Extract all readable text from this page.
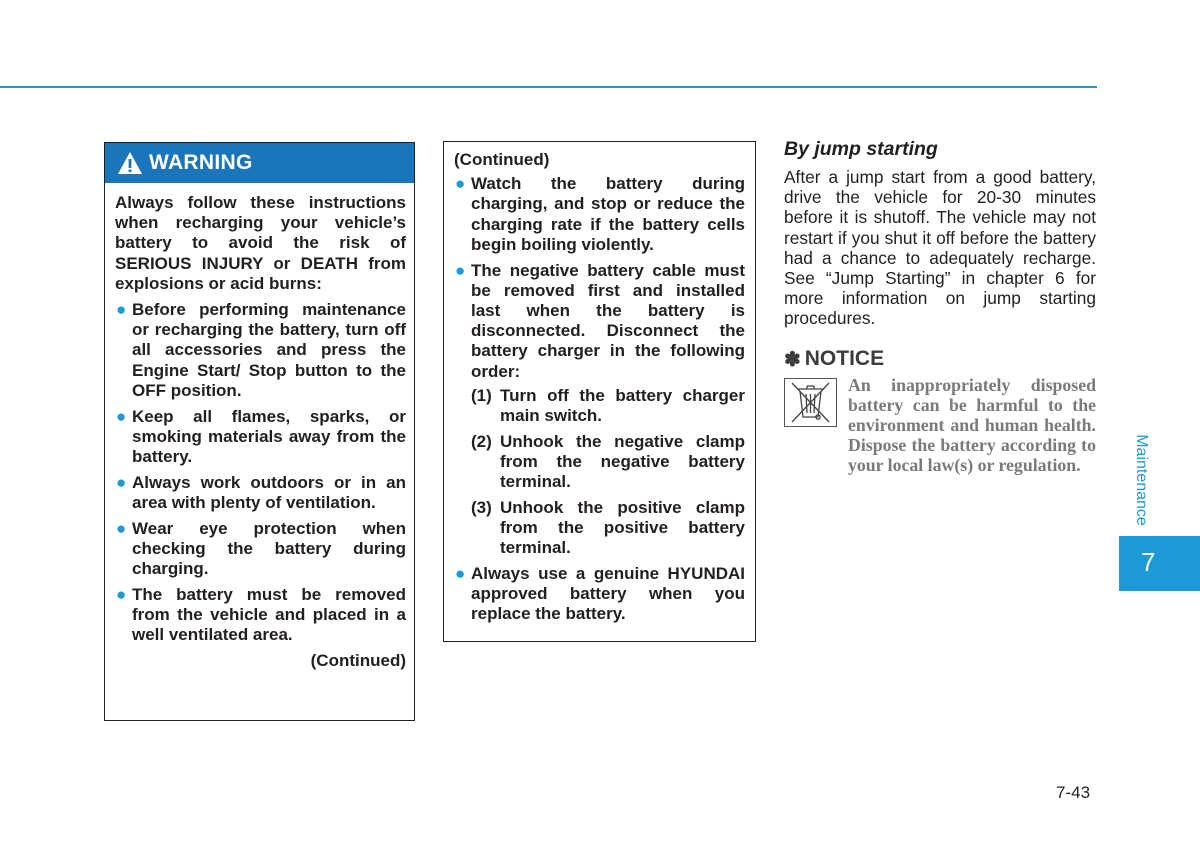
WARNING

Always follow these instructions when recharging your vehicle’s battery to avoid the risk of SERIOUS INJURY or DEATH from explosions or acid burns:

● Before performing maintenance or recharging the battery, turn off all accessories and press the Engine Start/ Stop button to the OFF position.
● Keep all flames, sparks, or smoking materials away from the battery.
● Always work outdoors or in an area with plenty of ventilation.
● Wear eye protection when checking the battery during charging.
● The battery must be removed from the vehicle and placed in a well ventilated area.
(Continued)

(Continued)

● Watch the battery during charging, and stop or reduce the charging rate if the battery cells begin boiling violently.
● The negative battery cable must be removed first and installed last when the battery is disconnected. Disconnect the battery charger in the following order:
(1) Turn off the battery charger main switch.
(2) Unhook the negative clamp from the negative battery terminal.
(3) Unhook the positive clamp from the positive battery terminal.
● Always use a genuine HYUNDAI approved battery when you replace the battery.

By jump starting

After a jump start from a good battery, drive the vehicle for 20-30 minutes before it is shutoff. The vehicle may not restart if you shut it off before the battery had a chance to adequately recharge. See “Jump Starting” in chapter 6 for more information on jump starting procedures.

✽ NOTICE
An inappropriately disposed battery can be harmful to the environment and human health. Dispose the battery according to your local law(s) or regulation.	Maintenance
7
7-43
